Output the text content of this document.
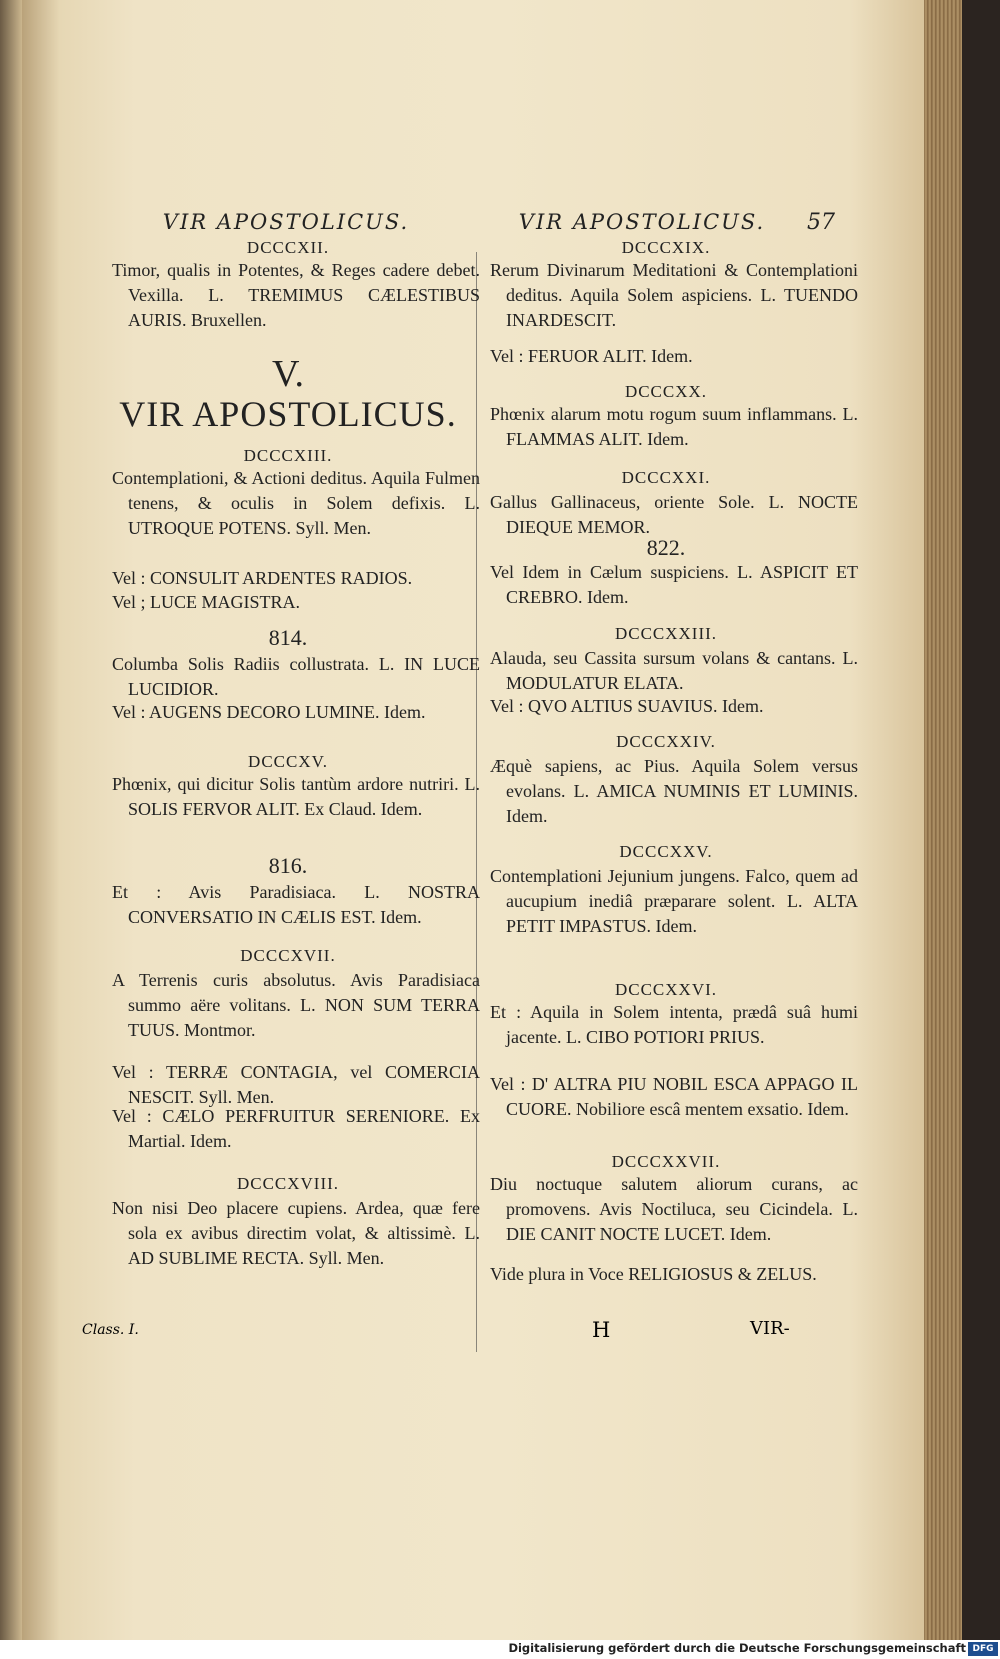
VIR APOSTOLICUS.	VIR APOSTOLICUS.	57
DCCCXII.
Timor, qualis in Potentes, & Reges cadere debet. Vexilla. L. TREMIMUS CÆLESTIBUS AURIS. Bruxellen.
V.
VIR APOSTOLICUS.
DCCCXIII.
Contemplationi, & Actioni deditus. Aquila Fulmen tenens, & oculis in Solem defixis. L. UTROQUE POTENS. Syll. Men.
Vel : CONSULIT ARDENTES RADIOS.
Vel ; LUCE MAGISTRA.
814.
Columba Solis Radiis collustrata. L. IN LUCE LUCIDIOR.
Vel : AUGENS DECORO LUMINE. Idem.
DCCCXV.
Phœnix, qui dicitur Solis tantùm ardore nutriri. L. SOLIS FERVOR ALIT. Ex Claud. Idem.
816.
Et : Avis Paradisiaca. L. NOSTRA CONVERSATIO IN CÆLIS EST. Idem.
DCCCXVII.
A Terrenis curis absolutus. Avis Paradisiaca summo aëre volitans. L. NON SUM TERRA TUUS. Montmor.
Vel : TERRÆ CONTAGIA, vel COMERCIA NESCIT. Syll. Men.
Vel : CÆLO PERFRUITUR SERENIORE. Ex Martial. Idem.
DCCCXVIII.
Non nisi Deo placere cupiens. Ardea, quæ fere sola ex avibus directim volat, & altissimè. L. AD SUBLIME RECTA. Syll. Men.
DCCCXIX.
Rerum Divinarum Meditationi & Contemplationi deditus. Aquila Solem aspiciens. L. TUENDO INARDESCIT.
Vel : FERUOR ALIT. Idem.
DCCCXX.
Phœnix alarum motu rogum suum inflammans. L. FLAMMAS ALIT. Idem.
DCCCXXI.
Gallus Gallinaceus, oriente Sole. L. NOCTE DIEQUE MEMOR.
822.
Vel Idem in Cælum suspiciens. L. ASPICIT ET CREBRO. Idem.
DCCCXXIII.
Alauda, seu Cassita sursum volans & cantans. L. MODULATUR ELATA.
Vel : QVO ALTIUS SUAVIUS. Idem.
DCCCXXIV.
Æquè sapiens, ac Pius. Aquila Solem versus evolans. L. AMICA NUMINIS ET LUMINIS. Idem.
DCCCXXV.
Contemplationi Jejunium jungens. Falco, quem ad aucupium inediâ præparare solent. L. ALTA PETIT IMPASTUS. Idem.
DCCCXXVI.
Et : Aquila in Solem intenta, prædâ suâ humi jacente. L. CIBO POTIORI PRIUS.
Vel : D' ALTRA PIU NOBIL ESCA APPAGO IL CUORE. Nobiliore escâ mentem exsatio. Idem.
DCCCXXVII.
Diu noctuque salutem aliorum curans, ac promovens. Avis Noctiluca, seu Cicindela. L. DIE CANIT NOCTE LUCET. Idem.
Vide plura in Voce RELIGIOSUS & ZELUS.
H	VIR-
Class. I.
Digitalisierung gefördert durch die Deutsche Forschungsgemeinschaft DFG
